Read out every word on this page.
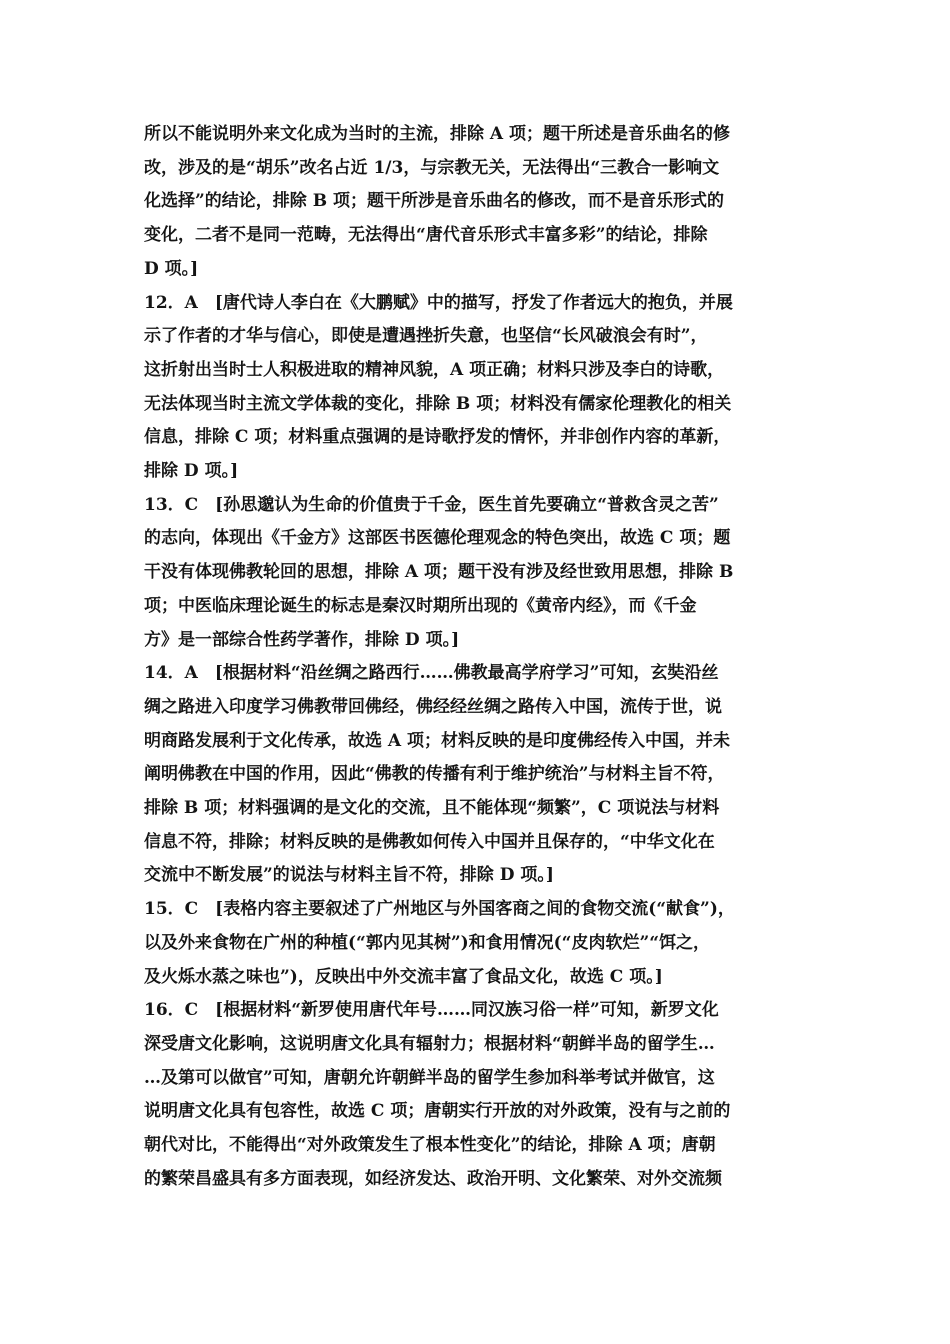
所以不能说明外来文化成为当时的主流，排除 A 项；题干所述是音乐曲名的修
改，涉及的是“胡乐”改名占近 1/3，与宗教无关，无法得出“三教合一影响文
化选择”的结论，排除 B 项；题干所涉是音乐曲名的修改，而不是音乐形式的
变化，二者不是同一范畴，无法得出“唐代音乐形式丰富多彩”的结论，排除
D 项。]
12．A　[唐代诗人李白在《大鹏赋》中的描写，抒发了作者远大的抱负，并展
示了作者的才华与信心，即使是遭遇挫折失意，也坚信“长风破浪会有时”，
这折射出当时士人积极进取的精神风貌，A 项正确；材料只涉及李白的诗歌，
无法体现当时主流文学体裁的变化，排除 B 项；材料没有儒家伦理教化的相关
信息，排除 C 项；材料重点强调的是诗歌抒发的情怀，并非创作内容的革新，
排除 D 项。]
13．C　[孙思邈认为生命的价值贵于千金，医生首先要确立“普救含灵之苦”
的志向，体现出《千金方》这部医书医德伦理观念的特色突出，故选 C 项；题
干没有体现佛教轮回的思想，排除 A 项；题干没有涉及经世致用思想，排除 B
项；中医临床理论诞生的标志是秦汉时期所出现的《黄帝内经》，而《千金
方》是一部综合性药学著作，排除 D 项。]
14．A　[根据材料“沿丝绸之路西行……佛教最高学府学习”可知，玄奘沿丝
绸之路进入印度学习佛教带回佛经，佛经经丝绸之路传入中国，流传于世，说
明商路发展利于文化传承，故选 A 项；材料反映的是印度佛经传入中国，并未
阐明佛教在中国的作用，因此“佛教的传播有利于维护统治”与材料主旨不符，
排除 B 项；材料强调的是文化的交流，且不能体现“频繁”，C 项说法与材料
信息不符，排除；材料反映的是佛教如何传入中国并且保存的，“中华文化在
交流中不断发展”的说法与材料主旨不符，排除 D 项。]
15．C　[表格内容主要叙述了广州地区与外国客商之间的食物交流(“献食”)，
以及外来食物在广州的种植(“郭内见其树”)和食用情况(“皮肉软烂”“饵之，
及火烁水蒸之味也”)，反映出中外交流丰富了食品文化，故选 C 项。]
16．C　[根据材料“新罗使用唐代年号……同汉族习俗一样”可知，新罗文化
深受唐文化影响，这说明唐文化具有辐射力；根据材料“朝鲜半岛的留学生…
…及第可以做官”可知，唐朝允许朝鲜半岛的留学生参加科举考试并做官，这
说明唐文化具有包容性，故选 C 项；唐朝实行开放的对外政策，没有与之前的
朝代对比，不能得出“对外政策发生了根本性变化”的结论，排除 A 项；唐朝
的繁荣昌盛具有多方面表现，如经济发达、政治开明、文化繁荣、对外交流频
